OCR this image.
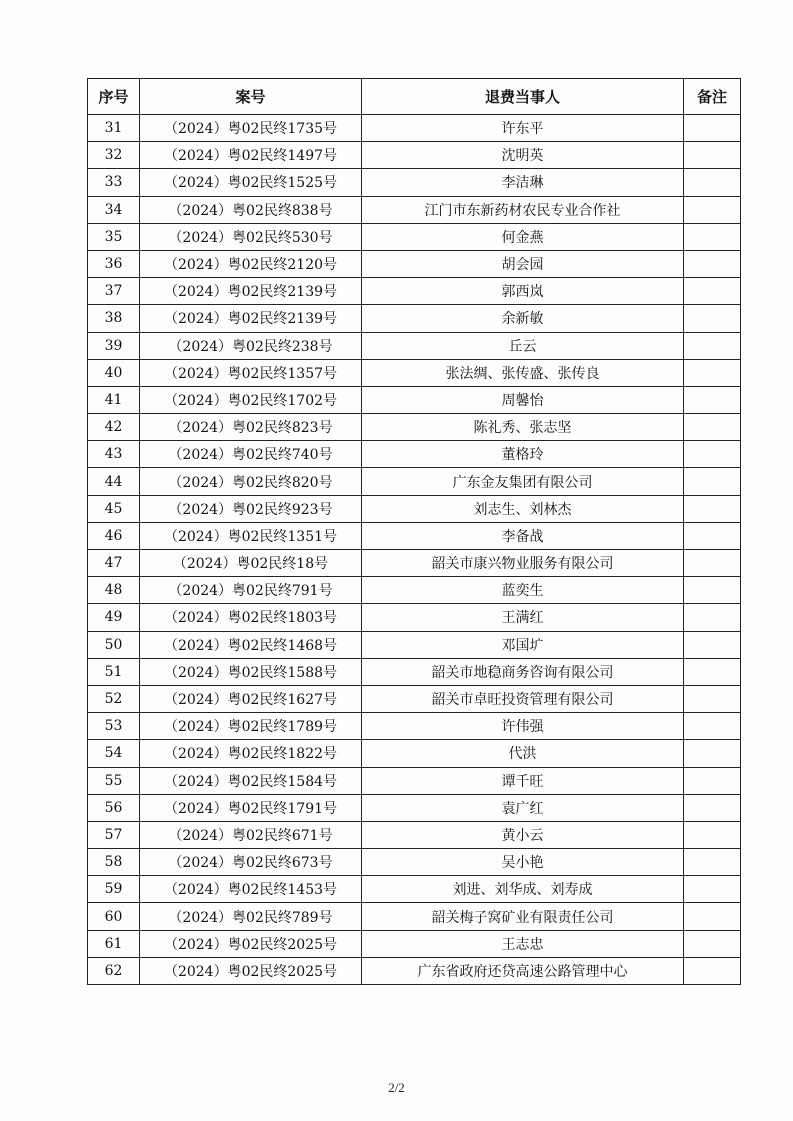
序号	案号	退费当事人	备注
31	（2024）粤02民终1735号	许东平	
32	（2024）粤02民终1497号	沈明英	
33	（2024）粤02民终1525号	李洁琳	
34	（2024）粤02民终838号	江门市东新药材农民专业合作社	
35	（2024）粤02民终530号	何金燕	
36	（2024）粤02民终2120号	胡会园	
37	（2024）粤02民终2139号	郭西岚	
38	（2024）粤02民终2139号	余新敏	
39	（2024）粤02民终238号	丘云	
40	（2024）粤02民终1357号	张法绸、张传盛、张传良	
41	（2024）粤02民终1702号	周馨怡	
42	（2024）粤02民终823号	陈礼秀、张志坚	
43	（2024）粤02民终740号	董格玲	
44	（2024）粤02民终820号	广东金友集团有限公司	
45	（2024）粤02民终923号	刘志生、刘林杰	
46	（2024）粤02民终1351号	李备战	
47	（2024）粤02民终18号	韶关市康兴物业服务有限公司	
48	（2024）粤02民终791号	蓝奕生	
49	（2024）粤02民终1803号	王满红	
50	（2024）粤02民终1468号	邓国圹	
51	（2024）粤02民终1588号	韶关市地稳商务咨询有限公司	
52	（2024）粤02民终1627号	韶关市卓旺投资管理有限公司	
53	（2024）粤02民终1789号	许伟强	
54	（2024）粤02民终1822号	代洪	
55	（2024）粤02民终1584号	谭千旺	
56	（2024）粤02民终1791号	袁广红	
57	（2024）粤02民终671号	黄小云	
58	（2024）粤02民终673号	吴小艳	
59	（2024）粤02民终1453号	刘进、刘华成、刘寿成	
60	（2024）粤02民终789号	韶关梅子窝矿业有限责任公司	
61	（2024）粤02民终2025号	王志忠	
62	（2024）粤02民终2025号	广东省政府还贷高速公路管理中心	
2/2
